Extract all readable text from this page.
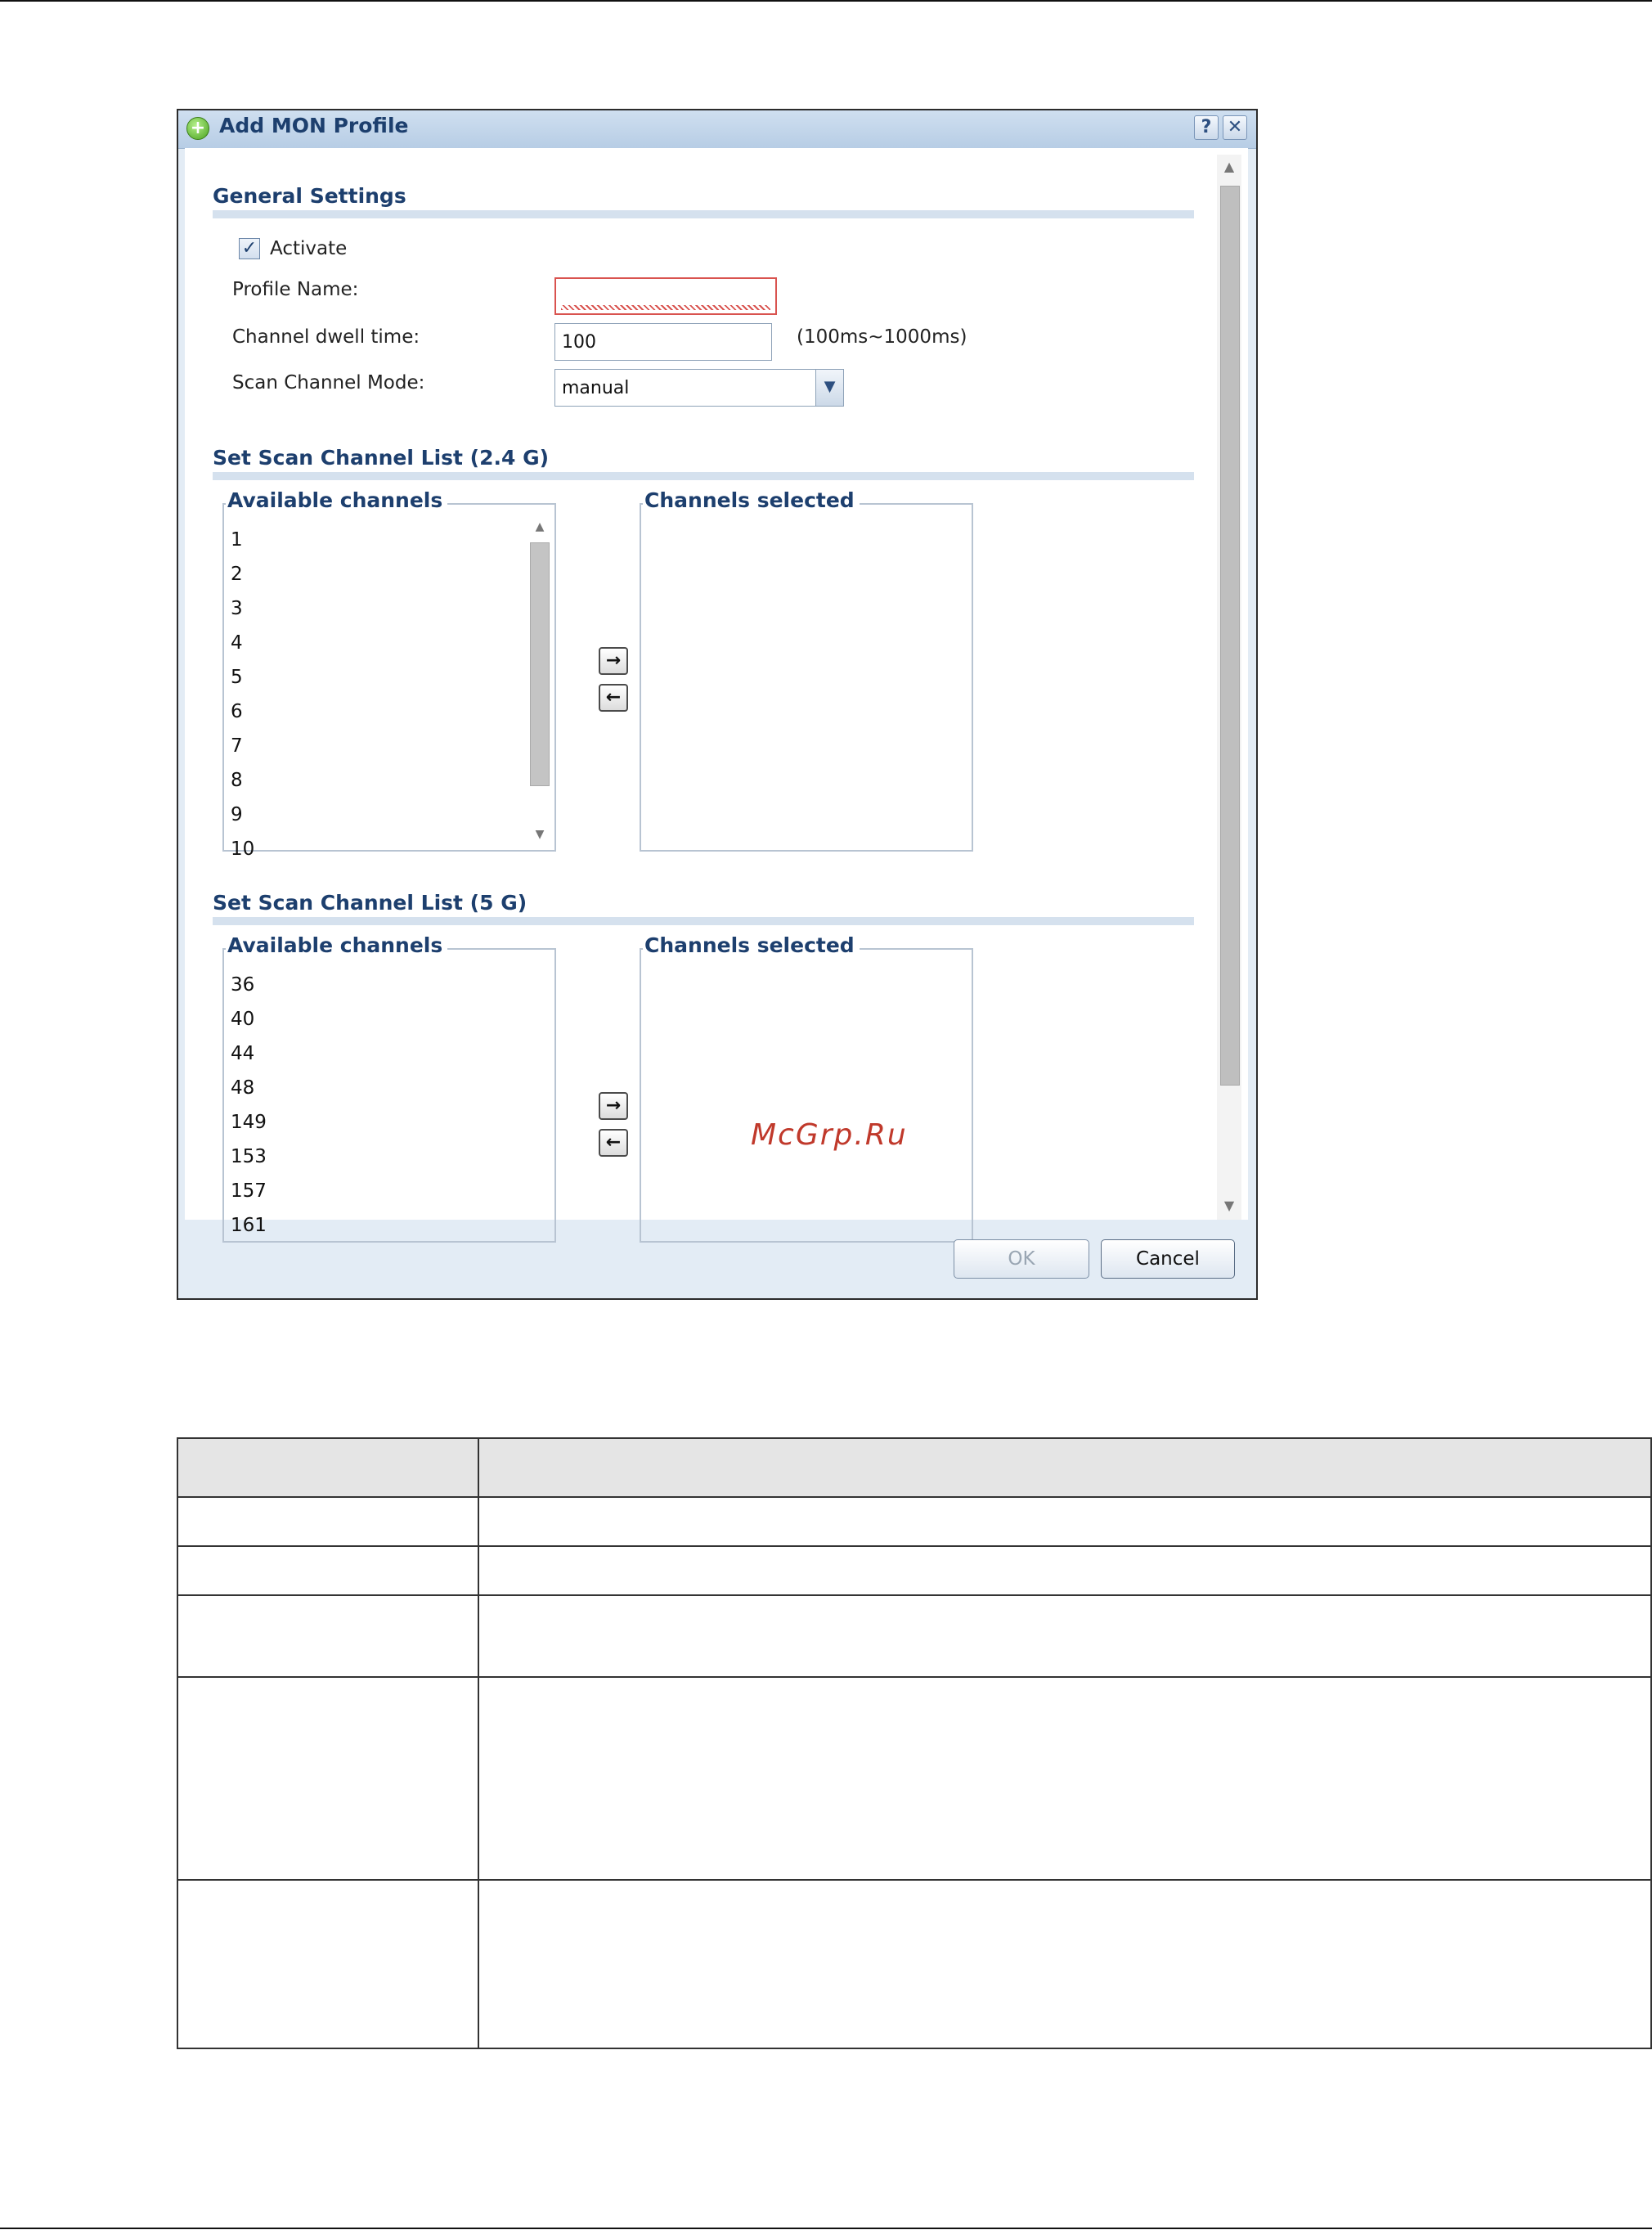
+ Add MON Profile	? ✕
General Settings
✓ Activate
Profile Name:
Channel dwell time:	100	(100ms~1000ms)
Scan Channel Mode:	manual	▼
Set Scan Channel List (2.4 G)
Available channels
1
2
3
4
5
6
7
8
9
10
▲
▼
→
←
Channels selected
Set Scan Channel List (5 G)
Available channels
36
40
44
48
149
153
157
161
→
←
Channels selected
McGrp.Ru
▲
▼
OK	Cancel
